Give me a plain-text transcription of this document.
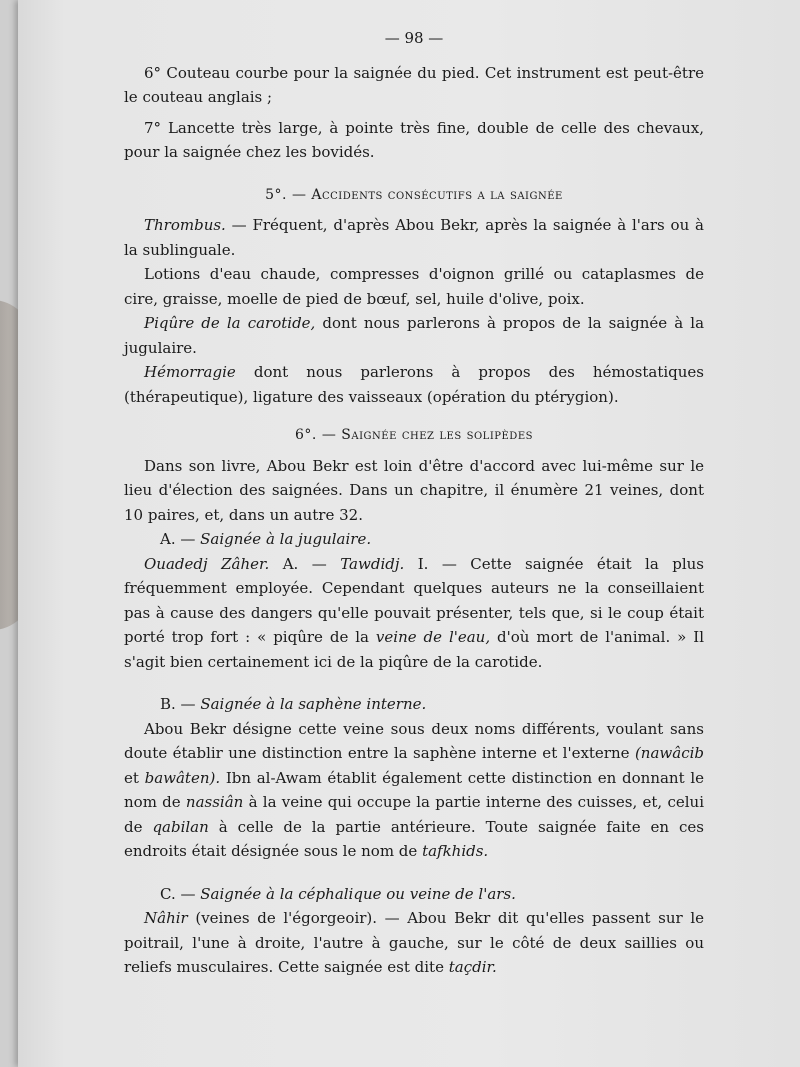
— 98 —

6° Couteau courbe pour la saignée du pied. Cet instrument est peut-être le couteau anglais ;

7° Lancette très large, à pointe très fine, double de celle des chevaux, pour la saignée chez les bovidés.

5°. — Accidents consécutifs a la saignée

Thrombus. — Fréquent, d'après Abou Bekr, après la saignée à l'ars ou à la sublinguale.

Lotions d'eau chaude, compresses d'oignon grillé ou cataplasmes de cire, graisse, moelle de pied de bœuf, sel, huile d'olive, poix.

Piqûre de la carotide, dont nous parlerons à propos de la saignée à la jugulaire.

Hémorragie dont nous parlerons à propos des hémostatiques (thérapeutique), ligature des vaisseaux (opération du ptérygion).

6°. — Saignée chez les solipèdes

Dans son livre, Abou Bekr est loin d'être d'accord avec lui-même sur le lieu d'élection des saignées. Dans un chapitre, il énumère 21 veines, dont 10 paires, et, dans un autre 32.

A. — Saignée à la jugulaire.

Ouadedj Zâher. A. — Tawdidj. I. — Cette saignée était la plus fréquemment employée. Cependant quelques auteurs ne la conseillaient pas à cause des dangers qu'elle pouvait présenter, tels que, si le coup était porté trop fort : « piqûre de la veine de l'eau, d'où mort de l'animal. » Il s'agit bien certainement ici de la piqûre de la carotide.

B. — Saignée à la saphène interne.

Abou Bekr désigne cette veine sous deux noms différents, voulant sans doute établir une distinction entre la saphène interne et l'externe (nawâcib et bawâten). Ibn al-Awam établit également cette distinction en donnant le nom de nassiân à la veine qui occupe la partie interne des cuisses, et, celui de qabilan à celle de la partie antérieure. Toute saignée faite en ces endroits était désignée sous le nom de tafkhids.

C. — Saignée à la céphalique ou veine de l'ars.

Nâhir (veines de l'égorgeoir). — Abou Bekr dit qu'elles passent sur le poitrail, l'une à droite, l'autre à gauche, sur le côté de deux saillies ou reliefs musculaires. Cette saignée est dite taçdir.
